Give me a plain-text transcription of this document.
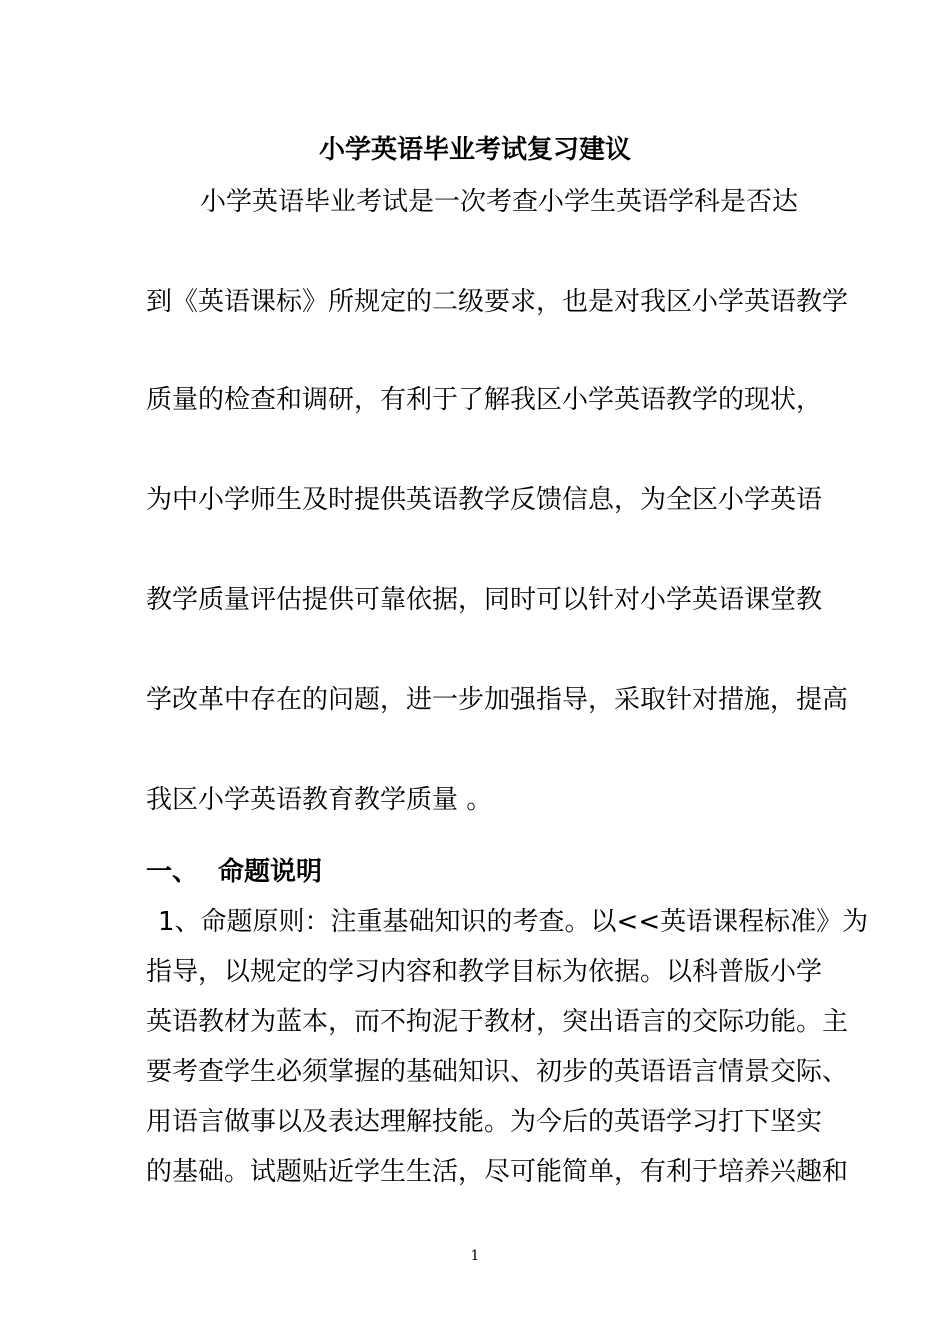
小学英语毕业考试复习建议
小学英语毕业考试是一次考查小学生英语学科是否达
到《英语课标》所规定的二级要求，也是对我区小学英语教学
质量的检查和调研，有利于了解我区小学英语教学的现状，
为中小学师生及时提供英语教学反馈信息，为全区小学英语
教学质量评估提供可靠依据，同时可以针对小学英语课堂教
学改革中存在的问题，进一步加强指导，采取针对措施，提高
我区小学英语教育教学质量 。
一、 命题说明
1、命题原则：注重基础知识的考查。以<<英语课程标准》为
指导，以规定的学习内容和教学目标为依据。以科普版小学
英语教材为蓝本，而不拘泥于教材，突出语言的交际功能。主
要考查学生必须掌握的基础知识、初步的英语语言情景交际、
用语言做事以及表达理解技能。为今后的英语学习打下坚实
的基础。试题贴近学生生活，尽可能简单，有利于培养兴趣和
1
